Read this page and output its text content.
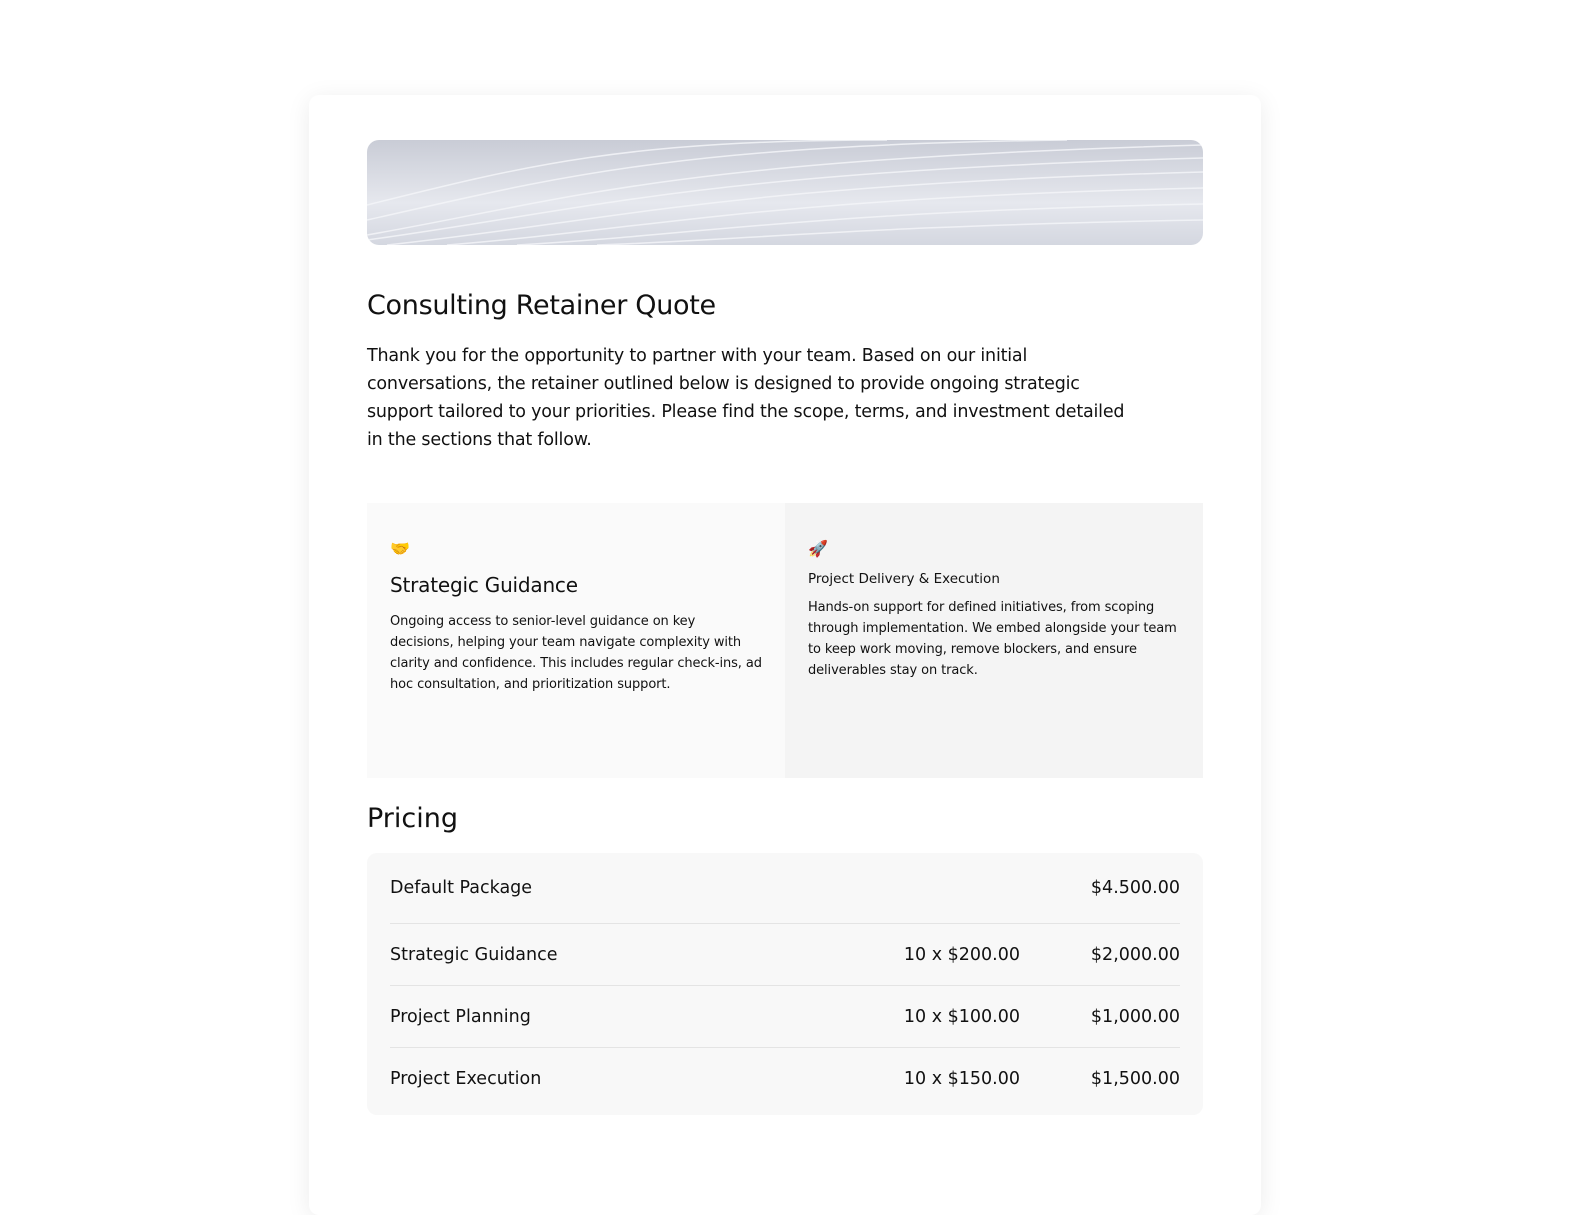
Consulting Retainer Quote

Thank you for the opportunity to partner with your team. Based on our initial conversations, the retainer outlined below is designed to provide ongoing strategic support tailored to your priorities. Please find the scope, terms, and investment detailed in the sections that follow.

🤝
Strategic Guidance

Ongoing access to senior-level guidance on key decisions, helping your team navigate complexity with clarity and confidence. This includes regular check-ins, ad hoc consultation, and prioritization support.

🚀
Project Delivery & Execution

Hands-on support for defined initiatives, from scoping through implementation. We embed alongside your team to keep work moving, remove blockers, and ensure deliverables stay on track.

Pricing
Default Package	$4.500.00
Strategic Guidance	10 x $200.00	$2,000.00
Project Planning	10 x $100.00	$1,000.00
Project Execution	10 x $150.00	$1,500.00
